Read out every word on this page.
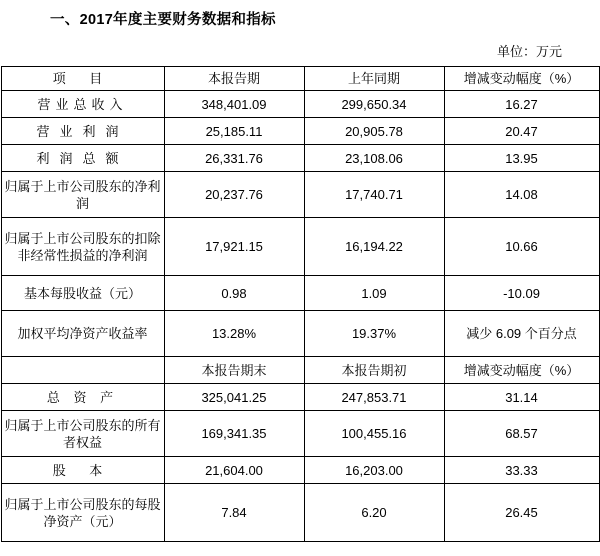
一、2017年度主要财务数据和指标
单位：万元
项 目	本报告期	上年同期	增减变动幅度（%）
营业总收入	348,401.09	299,650.34	16.27
营业利润	25,185.11	20,905.78	20.47
利润总额	26,331.76	23,108.06	13.95
归属于上市公司股东的净利润	20,237.76	17,740.71	14.08
归属于上市公司股东的扣除非经常性损益的净利润	17,921.15	16,194.22	10.66
基本每股收益（元）	0.98	1.09	-10.09
加权平均净资产收益率	13.28%	19.37%	减少 6.09 个百分点
	本报告期末	本报告期初	增减变动幅度（%）
总 资 产	325,041.25	247,853.71	31.14
归属于上市公司股东的所有者权益	169,341.35	100,455.16	68.57
股 本	21,604.00	16,203.00	33.33
归属于上市公司股东的每股净资产（元）	7.84	6.20	26.45
